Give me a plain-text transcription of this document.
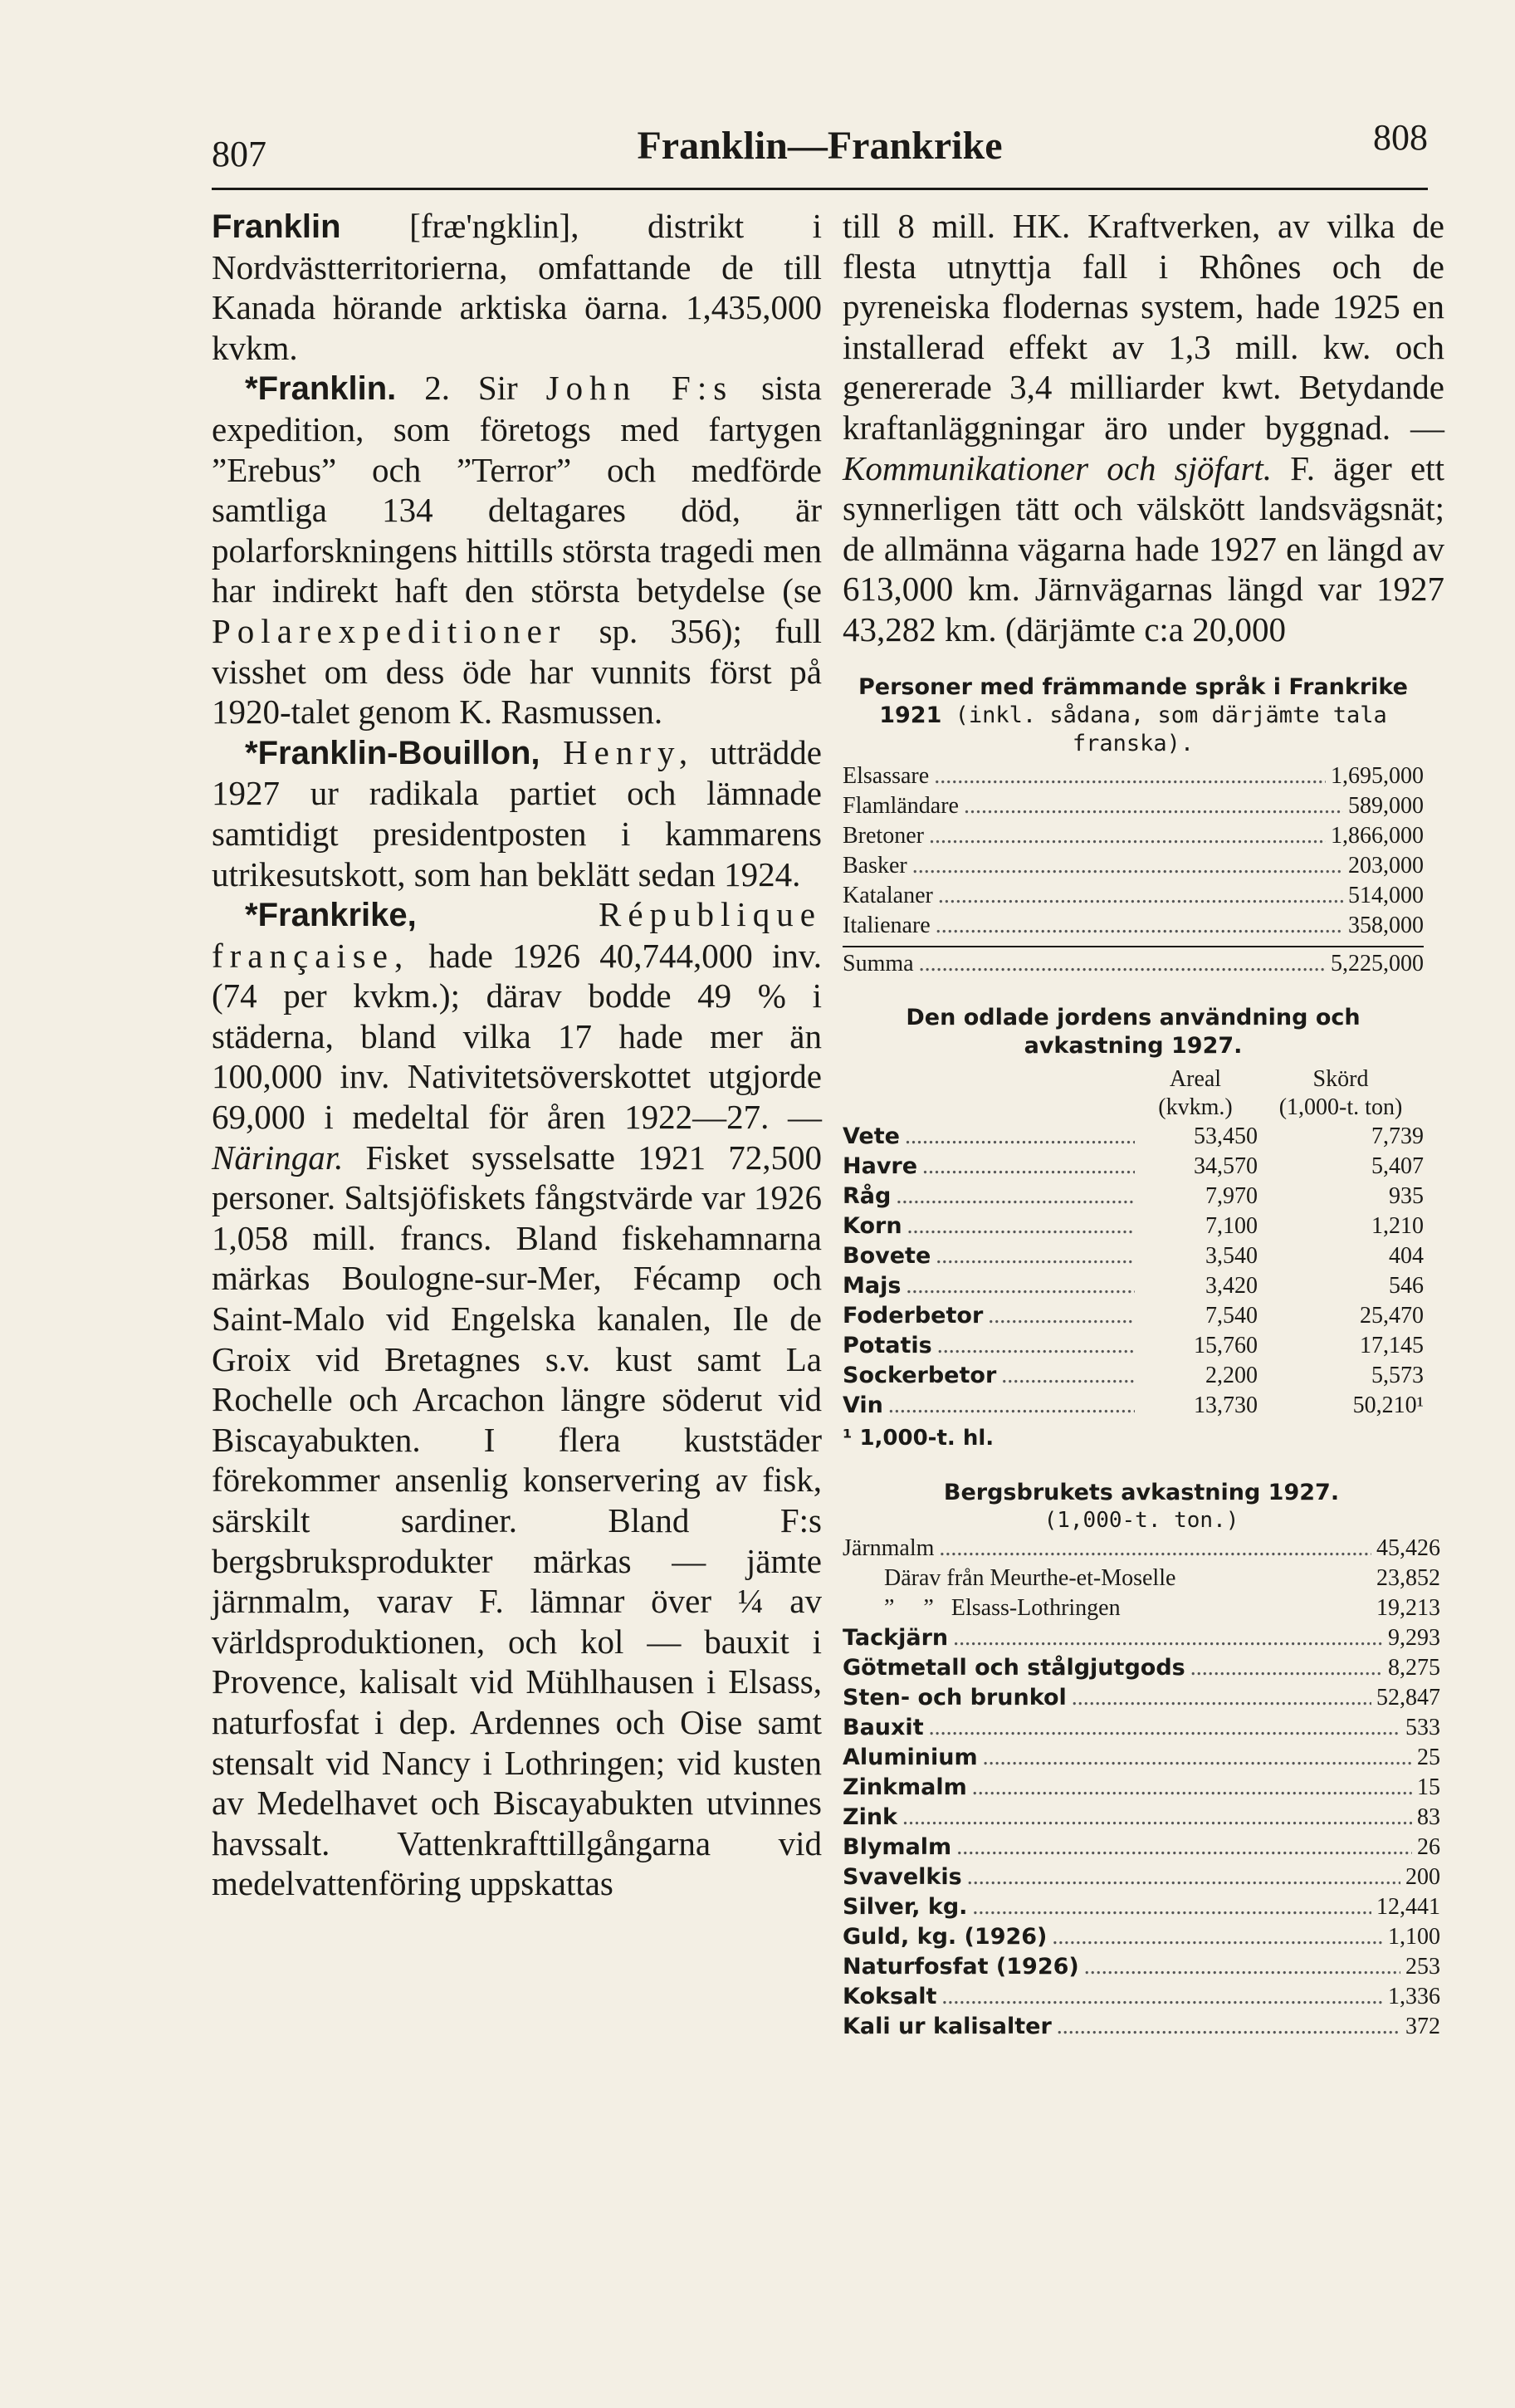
807	Franklin—Frankrike	808

Franklin [fræ'ngklin], distrikt i Nordvästterritorierna, omfattande de till Kanada hörande arktiska öarna. 1,435,000 kvkm.

*Franklin. 2. Sir John F:s sista expedition, som företogs med fartygen ”Erebus” och ”Terror” och medförde samtliga 134 deltagares död, är polarforskningens hittills största tragedi men har indirekt haft den största betydelse (se Polarexpeditioner sp. 356); full visshet om dess öde har vunnits först på 1920-talet genom K. Rasmussen.

*Franklin-Bouillon, Henry, utträdde 1927 ur radikala partiet och lämnade samtidigt presidentposten i kammarens utrikesutskott, som han beklätt sedan 1924.

*Frankrike, République française, hade 1926 40,744,000 inv. (74 per kvkm.); därav bodde 49 % i städerna, bland vilka 17 hade mer än 100,000 inv. Nativitetsöverskottet utgjorde 69,000 i medeltal för åren 1922—27. — Näringar. Fisket sysselsatte 1921 72,500 personer. Saltsjöfiskets fångstvärde var 1926 1,058 mill. francs. Bland fiskehamnarna märkas Boulogne-sur-Mer, Fécamp och Saint-Malo vid Engelska kanalen, Ile de Groix vid Bretagnes s.v. kust samt La Rochelle och Arcachon längre söderut vid Biscayabukten. I flera kuststäder förekommer ansenlig konservering av fisk, särskilt sardiner. Bland F:s bergsbruksprodukter märkas — jämte järnmalm, varav F. lämnar över ¼ av världsproduktionen, och kol — bauxit i Provence, kalisalt vid Mühlhausen i Elsass, naturfosfat i dep. Ardennes och Oise samt stensalt vid Nancy i Lothringen; vid kusten av Medelhavet och Biscayabukten utvinnes havssalt. Vattenkrafttillgångarna vid medelvattenföring uppskattas

till 8 mill. HK. Kraftverken, av vilka de flesta utnyttja fall i Rhônes och de pyreneiska flodernas system, hade 1925 en installerad effekt av 1,3 mill. kw. och genererade 3,4 milliarder kwt. Betydande kraftanläggningar äro under byggnad. — Kommunikationer och sjöfart. F. äger ett synnerligen tätt och välskött landsvägsnät; de allmänna vägarna hade 1927 en längd av 613,000 km. Järnvägarnas längd var 1927 43,282 km. (därjämte c:a 20,000

Personer med främmande språk i Frankrike 1921 (inkl. sådana, som därjämte tala franska).

Elsassare .....	1,695,000
Flamländare .....	589,000
Bretoner .....	1,866,000
Basker .....	203,000
Katalaner .....	514,000
Italienare .....	358,000
Summa .....	5,225,000

Den odlade jordens användning och avkastning 1927.

Areal	Skörd
(kvkm.)	(1,000-t. ton)
Vete .....	53,450	7,739
Havre .....	34,570	5,407
Råg .....	7,970	935
Korn .....	7,100	1,210
Bovete .....	3,540	404
Majs .....	3,420	546
Foderbetor .....	7,540	25,470
Potatis .....	15,760	17,145
Sockerbetor .....	2,200	5,573
Vin .....	13,730	50,210¹
¹ 1,000-t. hl.

Bergsbrukets avkastning 1927.

(1,000-t. ton.)

Järnmalm .....	45,426
Därav från Meurthe-et-Moselle	23,852
”     ”   Elsass-Lothringen	19,213
Tackjärn .....	9,293
Götmetall och stålgjutgods .....	8,275
Sten- och brunkol .....	52,847
Bauxit .....	533
Aluminium .....	25
Zinkmalm .....	15
Zink .....	83
Blymalm .....	26
Svavelkis .....	200
Silver, kg. .....	12,441
Guld, kg. (1926) .....	1,100
Naturfosfat (1926) .....	253
Koksalt .....	1,336
Kali ur kalisalter .....	372
